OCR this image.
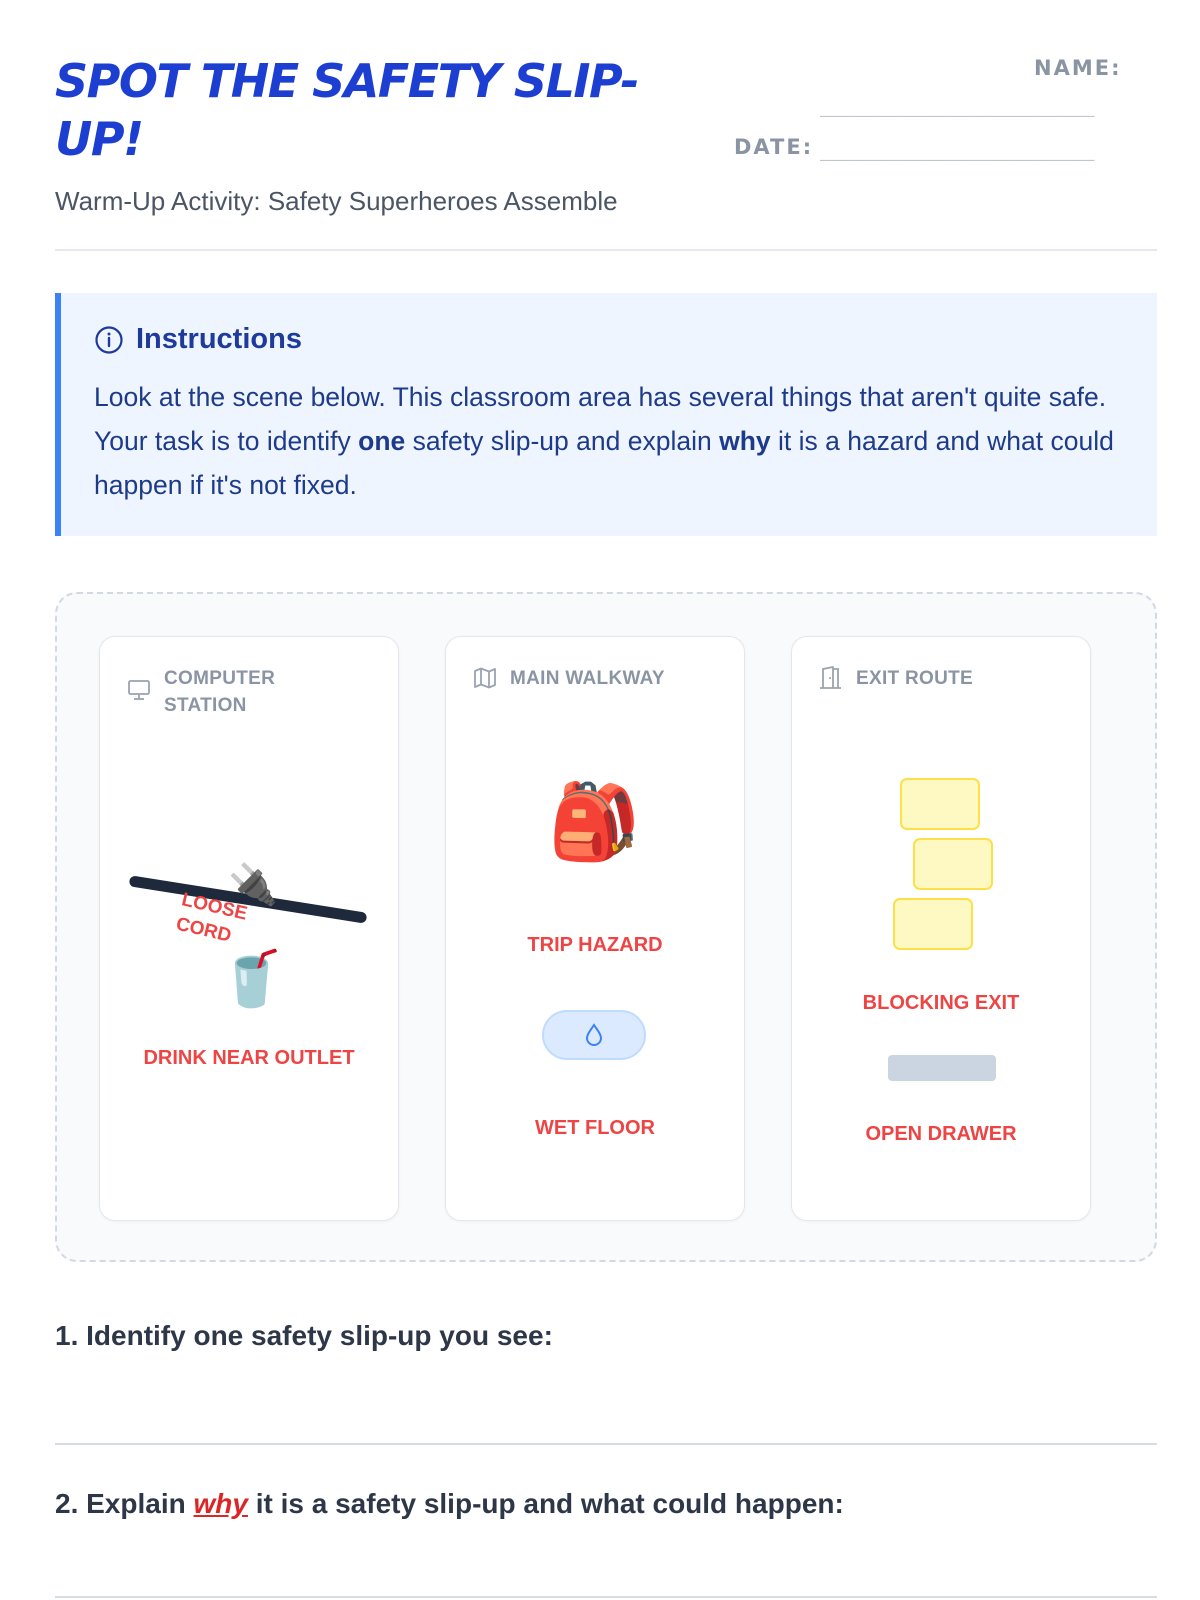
SPOT THE SAFETY SLIP-UP!
Warm-Up Activity: Safety Superheroes Assemble
NAME:
________________________
DATE: ________________________
Instructions
Look at the scene below. This classroom area has several things that aren't quite safe. Your task is to identify one safety slip-up and explain why it is a hazard and what could happen if it's not fixed.
COMPUTER STATION
🔌
LOOSE CORD
🥤
DRINK NEAR OUTLET
MAIN WALKWAY
🎒
TRIP HAZARD
WET FLOOR
EXIT ROUTE
BLOCKING EXIT
OPEN DRAWER
1. Identify one safety slip-up you see:
2. Explain why it is a safety slip-up and what could happen:
